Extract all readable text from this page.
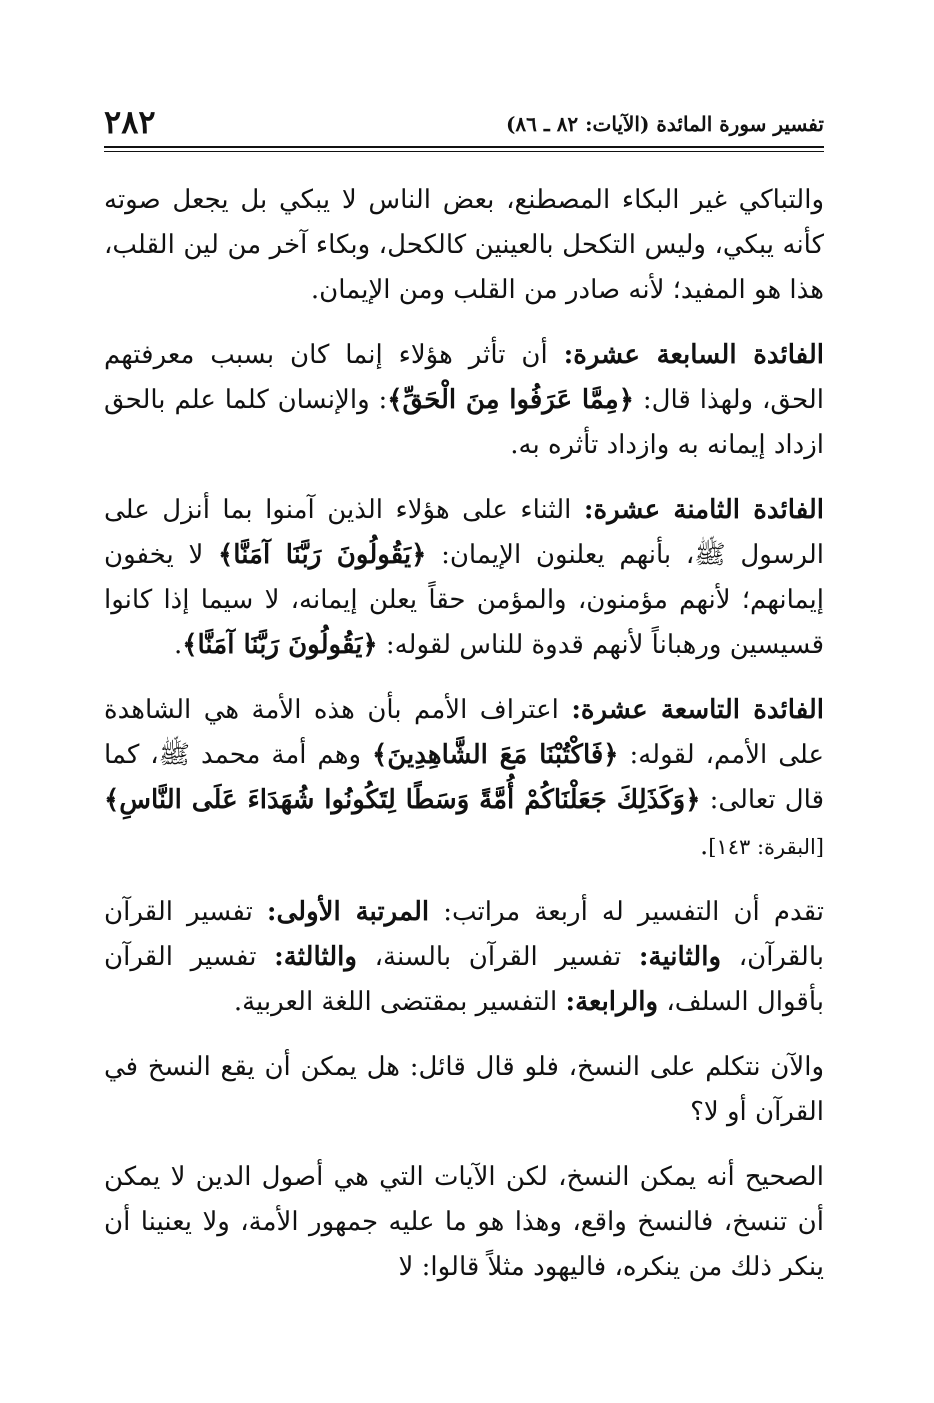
٢٨٢	تفسير سورة المائدة (الآيات: ٨٢ ـ ٨٦)

والتباكي غير البكاء المصطنع، بعض الناس لا يبكي بل يجعل صوته كأنه يبكي، وليس التكحل بالعينين كالكحل، وبكاء آخر من لين القلب، هذا هو المفيد؛ لأنه صادر من القلب ومن الإيمان.

الفائدة السابعة عشرة: أن تأثر هؤلاء إنما كان بسبب معرفتهم الحق، ولهذا قال: ﴿مِمَّا عَرَفُوا مِنَ الْحَقِّ﴾: والإنسان كلما علم بالحق ازداد إيمانه به وازداد تأثره به.

الفائدة الثامنة عشرة: الثناء على هؤلاء الذين آمنوا بما أنزل على الرسول ﷺ، بأنهم يعلنون الإيمان: ﴿يَقُولُونَ رَبَّنَا آمَنَّا﴾ لا يخفون إيمانهم؛ لأنهم مؤمنون، والمؤمن حقاً يعلن إيمانه، لا سيما إذا كانوا قسيسين ورهباناً لأنهم قدوة للناس لقوله: ﴿يَقُولُونَ رَبَّنَا آمَنَّا﴾.

الفائدة التاسعة عشرة: اعتراف الأمم بأن هذه الأمة هي الشاهدة على الأمم، لقوله: ﴿فَاكْتُبْنَا مَعَ الشَّاهِدِينَ﴾ وهم أمة محمد ﷺ، كما قال تعالى: ﴿وَكَذَلِكَ جَعَلْنَاكُمْ أُمَّةً وَسَطًا لِتَكُونُوا شُهَدَاءَ عَلَى النَّاسِ﴾ [البقرة: ١٤٣].

تقدم أن التفسير له أربعة مراتب: المرتبة الأولى: تفسير القرآن بالقرآن، والثانية: تفسير القرآن بالسنة، والثالثة: تفسير القرآن بأقوال السلف، والرابعة: التفسير بمقتضى اللغة العربية.

والآن نتكلم على النسخ، فلو قال قائل: هل يمكن أن يقع النسخ في القرآن أو لا؟

الصحيح أنه يمكن النسخ، لكن الآيات التي هي أصول الدين لا يمكن أن تنسخ، فالنسخ واقع، وهذا هو ما عليه جمهور الأمة، ولا يعنينا أن ينكر ذلك من ينكره، فاليهود مثلاً قالوا: لا
